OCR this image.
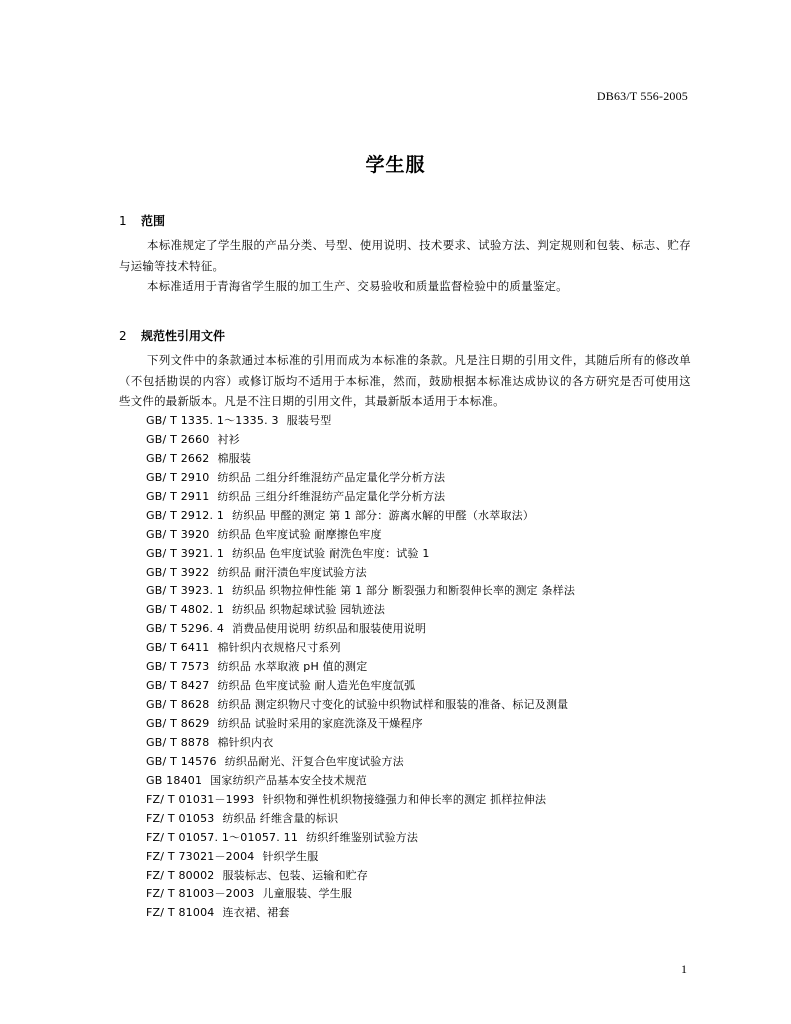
DB63/T 556-2005
学生服
1 范围
本标准规定了学生服的产品分类、号型、使用说明、技术要求、试验方法、判定规则和包装、标志、贮存与运输等技术特征。
本标准适用于青海省学生服的加工生产、交易验收和质量监督检验中的质量鉴定。
2 规范性引用文件
下列文件中的条款通过本标准的引用而成为本标准的条款。凡是注日期的引用文件，其随后所有的修改单（不包括勘误的内容）或修订版均不适用于本标准，然而，鼓励根据本标准达成协议的各方研究是否可使用这些文件的最新版本。凡是不注日期的引用文件，其最新版本适用于本标准。
GB/ T 1335. 1～1335. 3 服装号型
GB/ T 2660 衬衫
GB/ T 2662 棉服装
GB/ T 2910 纺织品 二组分纤维混纺产品定量化学分析方法
GB/ T 2911 纺织品 三组分纤维混纺产品定量化学分析方法
GB/ T 2912. 1 纺织品 甲醛的测定 第 1 部分：游离水解的甲醛（水萃取法）
GB/ T 3920 纺织品 色牢度试验 耐摩擦色牢度
GB/ T 3921. 1 纺织品 色牢度试验 耐洗色牢度：试验 1
GB/ T 3922 纺织品 耐汗渍色牢度试验方法
GB/ T 3923. 1 纺织品 织物拉伸性能 第 1 部分 断裂强力和断裂伸长率的测定 条样法
GB/ T 4802. 1 纺织品 织物起球试验 园轨迹法
GB/ T 5296. 4 消费品使用说明 纺织品和服装使用说明
GB/ T 6411 棉针织内衣规格尺寸系列
GB/ T 7573 纺织品 水萃取液 pH 值的测定
GB/ T 8427 纺织品 色牢度试验 耐人造光色牢度氙弧
GB/ T 8628 纺织品 测定织物尺寸变化的试验中织物试样和服装的准备、标记及测量
GB/ T 8629 纺织品 试验时采用的家庭洗涤及干燥程序
GB/ T 8878 棉针织内衣
GB/ T 14576 纺织品耐光、汗复合色牢度试验方法
GB 18401 国家纺织产品基本安全技术规范
FZ/ T 01031－1993 针织物和弹性机织物接缝强力和伸长率的测定 抓样拉伸法
FZ/ T 01053 纺织品 纤维含量的标识
FZ/ T 01057. 1～01057. 11 纺织纤维鉴别试验方法
FZ/ T 73021－2004 针织学生服
FZ/ T 80002 服装标志、包装、运输和贮存
FZ/ T 81003－2003 儿童服装、学生服
FZ/ T 81004 连衣裙、裙套
1
